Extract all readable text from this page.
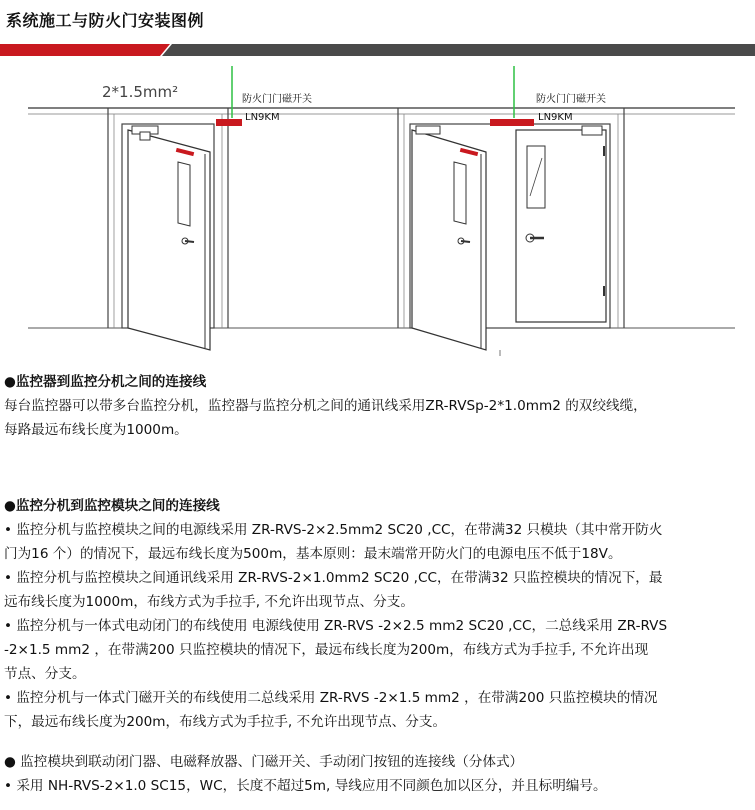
系统施工与防火门安装图例
2*1.5mm²	防火门门磁开关
LN9KM
防火门门磁开关
LN9KM
●监控器到监控分机之间的连接线
每台监控器可以带多台监控分机，监控器与监控分机之间的通讯线采用ZR-RVSp-2*1.0mm2 的双绞线缆，
每路最远布线长度为1000m。
●监控分机到监控模块之间的连接线
• 监控分机与监控模块之间的电源线采用 ZR-RVS-2×2.5mm2 SC20 ,CC，在带满32 只模块（其中常开防火
门为16 个）的情况下，最远布线长度为500m，基本原则：最末端常开防火门的电源电压不低于18V。
• 监控分机与监控模块之间通讯线采用 ZR-RVS-2×1.0mm2 SC20 ,CC，在带满32 只监控模块的情况下，最
远布线长度为1000m，布线方式为手拉手, 不允许出现节点、分支。
• 监控分机与一体式电动闭门的布线使用 电源线使用 ZR-RVS -2×2.5 mm2 SC20 ,CC，二总线采用 ZR-RVS
-2×1.5 mm2 ，在带满200 只监控模块的情况下，最远布线长度为200m，布线方式为手拉手, 不允许出现
节点、分支。
• 监控分机与一体式门磁开关的布线使用二总线采用 ZR-RVS -2×1.5 mm2 ，在带满200 只监控模块的情况
下，最远布线长度为200m，布线方式为手拉手, 不允许出现节点、分支。
● 监控模块到联动闭门器、电磁释放器、门磁开关、手动闭门按钮的连接线（分体式）
• 采用 NH-RVS-2×1.0 SC15，WC，长度不超过5m, 导线应用不同颜色加以区分，并且标明编号。
